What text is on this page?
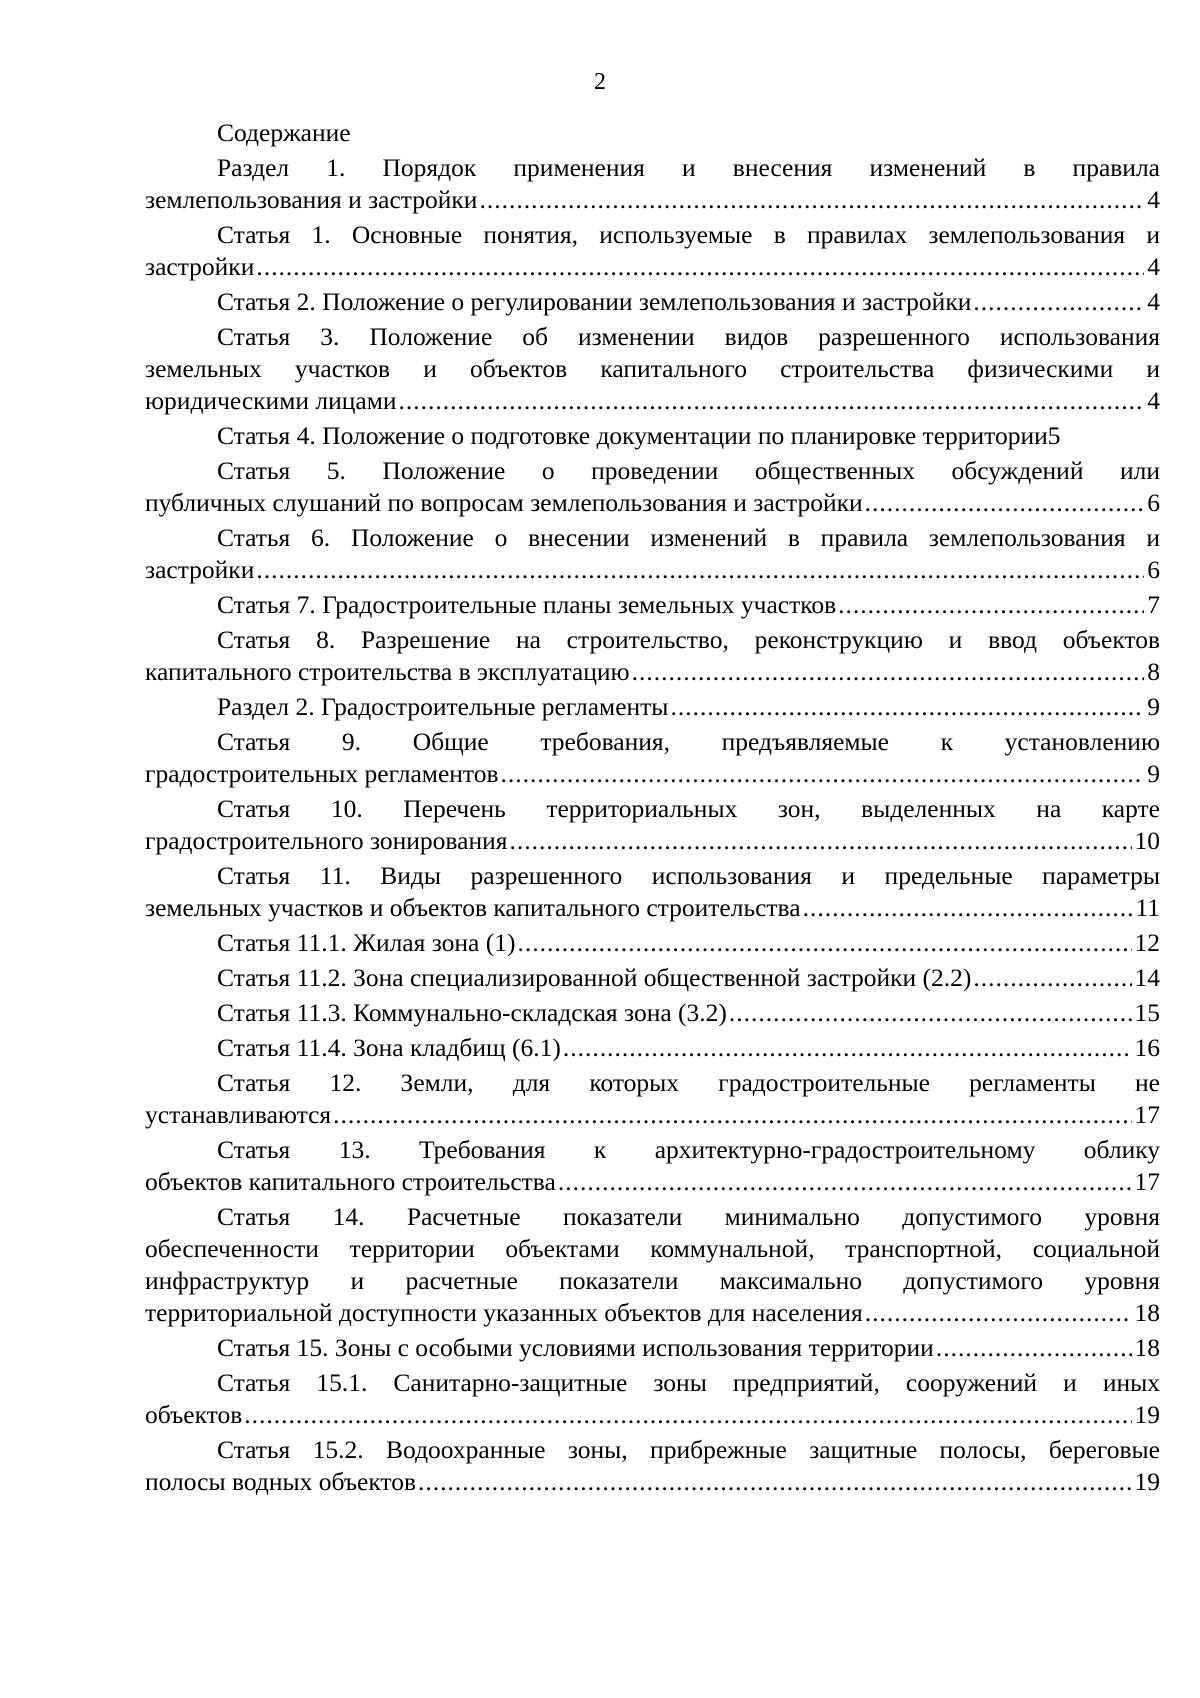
2
Содержание
Раздел 1. Порядок применения и внесения изменений в правила
землепользования и застройки .....	4
Статья 1. Основные понятия, используемые в правилах землепользования и
застройки .....	4
Статья 2. Положение о регулировании землепользования и застройки .....	4
Статья 3. Положение об изменении видов разрешенного использования
земельных участков и объектов капитального строительства физическими и
юридическими лицами .....	4
Статья 4. Положение о подготовке документации по планировке территории 5
Статья 5. Положение о проведении общественных обсуждений или
публичных слушаний по вопросам землепользования и застройки .....	6
Статья 6. Положение о внесении изменений в правила землепользования и
застройки .....	6
Статья 7. Градостроительные планы земельных участков .....	7
Статья 8. Разрешение на строительство, реконструкцию и ввод объектов
капитального строительства в эксплуатацию .....	8
Раздел 2. Градостроительные регламенты .....	9
Статья 9. Общие требования, предъявляемые к установлению
градостроительных регламентов .....	9
Статья 10. Перечень территориальных зон, выделенных на карте
градостроительного зонирования .....	10
Статья 11. Виды разрешенного использования и предельные параметры
земельных участков и объектов капитального строительства .....	11
Статья 11.1. Жилая зона (1) .....	12
Статья 11.2. Зона специализированной общественной застройки (2.2) .....	14
Статья 11.3. Коммунально-складская зона (3.2) .....	15
Статья 11.4. Зона кладбищ (6.1) .....	16
Статья 12. Земли, для которых градостроительные регламенты не
устанавливаются .....	17
Статья 13. Требования к архитектурно-градостроительному облику
объектов капитального строительства .....	17
Статья 14. Расчетные показатели минимально допустимого уровня
обеспеченности территории объектами коммунальной, транспортной, социальной
инфраструктур и расчетные показатели максимально допустимого уровня
территориальной доступности указанных объектов для населения .....	18
Статья 15. Зоны с особыми условиями использования территории .....	18
Статья 15.1. Санитарно-защитные зоны предприятий, сооружений и иных
объектов .....	19
Статья 15.2. Водоохранные зоны, прибрежные защитные полосы, береговые
полосы водных объектов .....	19
